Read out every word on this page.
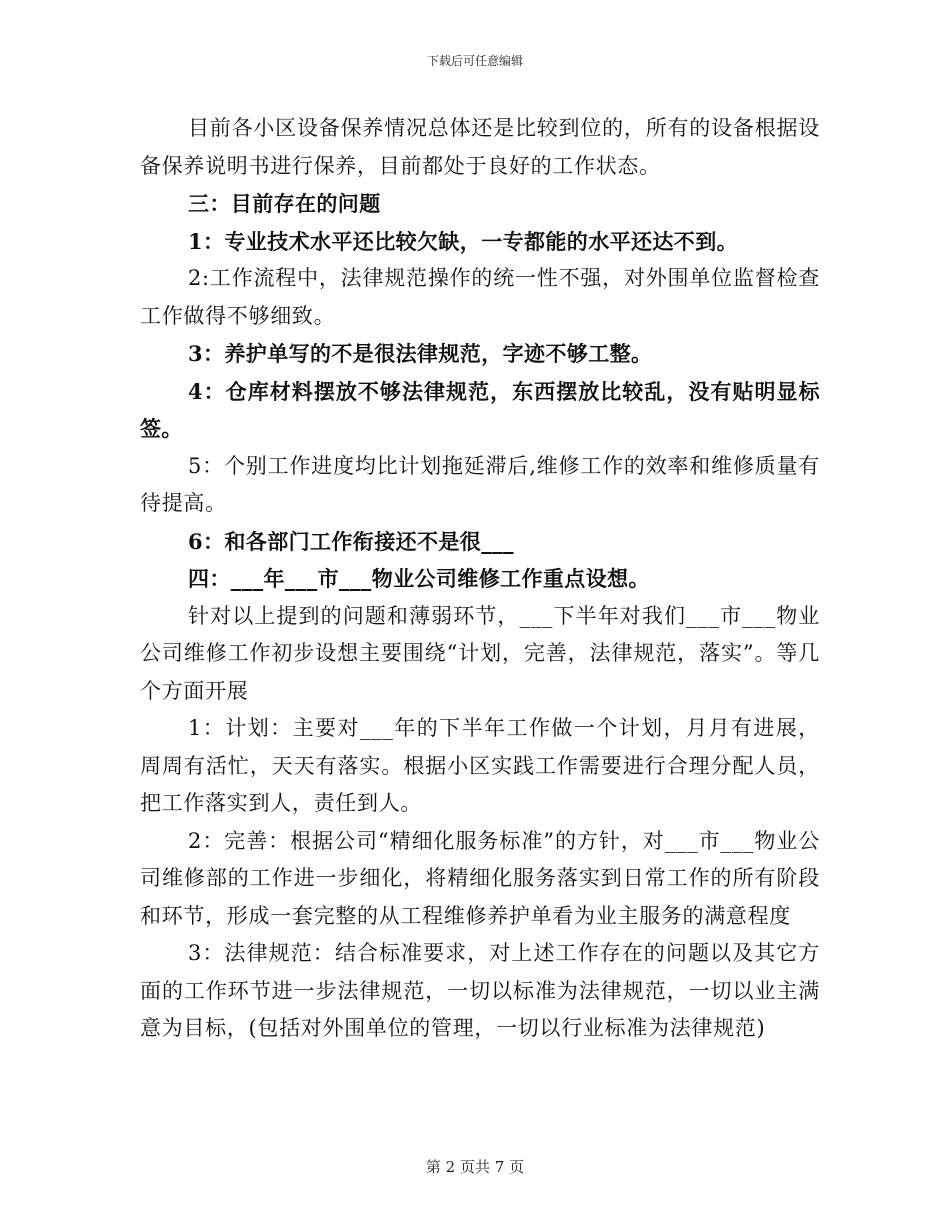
下载后可任意编辑

目前各小区设备保养情况总体还是比较到位的，所有的设备根据设备保养说明书进行保养，目前都处于良好的工作状态。

三：目前存在的问题

1：专业技术水平还比较欠缺，一专都能的水平还达不到。

2:工作流程中，法律规范操作的统一性不强，对外围单位监督检查工作做得不够细致。

3：养护单写的不是很法律规范，字迹不够工整。

4：仓库材料摆放不够法律规范，东西摆放比较乱，没有贴明显标签。

5：个别工作进度均比计划拖延滞后,维修工作的效率和维修质量有待提高。

6：和各部门工作衔接还不是很___

四：___年___市___物业公司维修工作重点设想。

针对以上提到的问题和薄弱环节，___下半年对我们___市___物业公司维修工作初步设想主要围绕“计划，完善，法律规范，落实”。等几个方面开展

1：计划：主要对___年的下半年工作做一个计划，月月有进展，周周有活忙，天天有落实。根据小区实践工作需要进行合理分配人员，把工作落实到人，责任到人。

2：完善：根据公司“精细化服务标准”的方针，对___市___物业公司维修部的工作进一步细化，将精细化服务落实到日常工作的所有阶段和环节，形成一套完整的从工程维修养护单看为业主服务的满意程度

3：法律规范：结合标准要求，对上述工作存在的问题以及其它方面的工作环节进一步法律规范，一切以标准为法律规范，一切以业主满意为目标，(包括对外围单位的管理，一切以行业标准为法律规范)

第 2 页共 7 页
